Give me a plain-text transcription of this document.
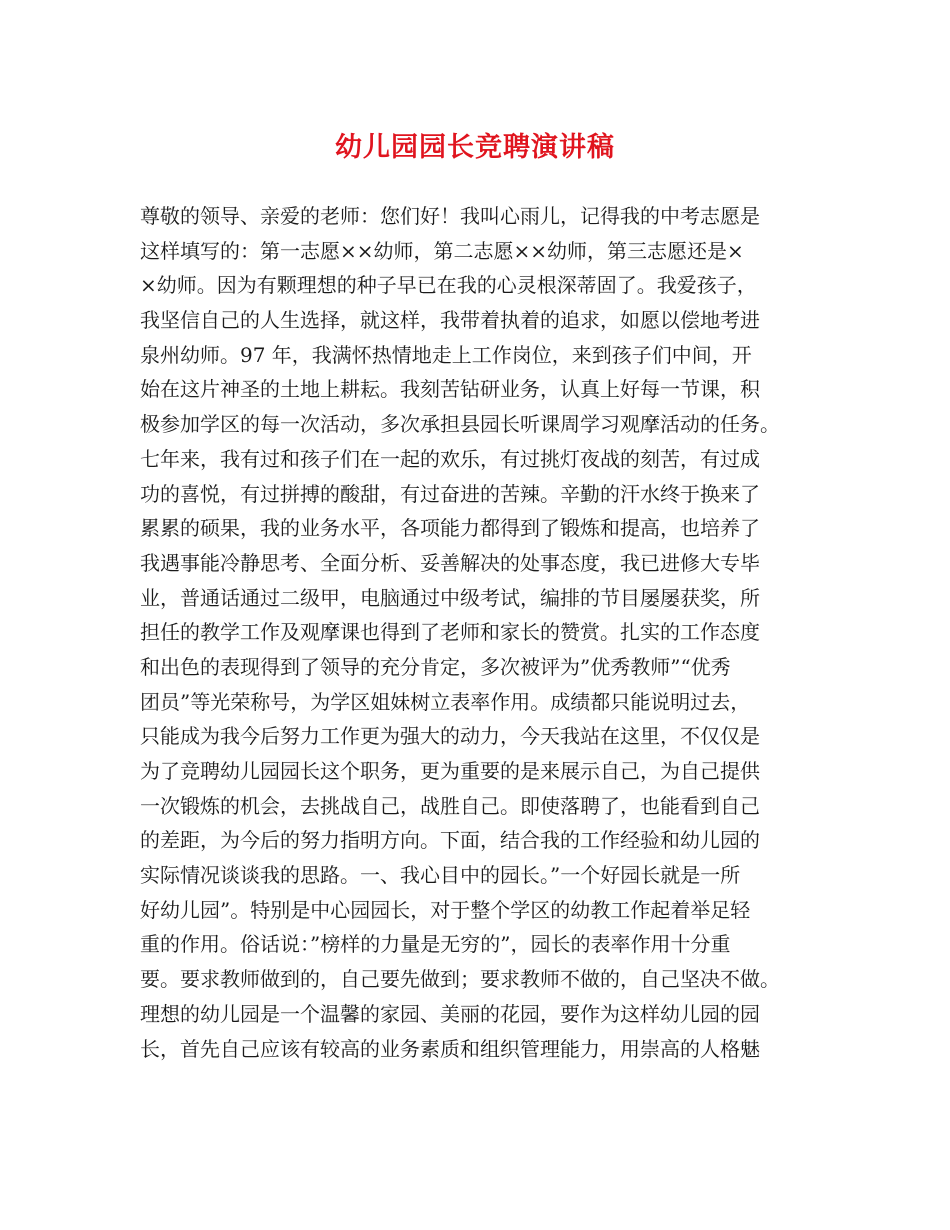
幼儿园园长竞聘演讲稿
尊敬的领导、亲爱的老师：您们好！我叫心雨儿，记得我的中考志愿是
这样填写的：第一志愿××幼师，第二志愿××幼师，第三志愿还是×
×幼师。因为有颗理想的种子早已在我的心灵根深蒂固了。我爱孩子，
我坚信自己的人生选择，就这样，我带着执着的追求，如愿以偿地考进
泉州幼师。97 年，我满怀热情地走上工作岗位，来到孩子们中间，开
始在这片神圣的土地上耕耘。我刻苦钻研业务，认真上好每一节课，积
极参加学区的每一次活动，多次承担县园长听课周学习观摩活动的任务。
七年来，我有过和孩子们在一起的欢乐，有过挑灯夜战的刻苦，有过成
功的喜悦，有过拼搏的酸甜，有过奋进的苦辣。辛勤的汗水终于换来了
累累的硕果，我的业务水平，各项能力都得到了锻炼和提高，也培养了
我遇事能冷静思考、全面分析、妥善解决的处事态度，我已进修大专毕
业，普通话通过二级甲，电脑通过中级考试，编排的节目屡屡获奖，所
担任的教学工作及观摩课也得到了老师和家长的赞赏。扎实的工作态度
和出色的表现得到了领导的充分肯定，多次被评为”优秀教师”“优秀
团员”等光荣称号，为学区姐妹树立表率作用。成绩都只能说明过去，
只能成为我今后努力工作更为强大的动力，今天我站在这里，不仅仅是
为了竞聘幼儿园园长这个职务，更为重要的是来展示自己，为自己提供
一次锻炼的机会，去挑战自己，战胜自己。即使落聘了，也能看到自己
的差距，为今后的努力指明方向。下面，结合我的工作经验和幼儿园的
实际情况谈谈我的思路。一、我心目中的园长。”一个好园长就是一所
好幼儿园”。特别是中心园园长，对于整个学区的幼教工作起着举足轻
重的作用。俗话说：”榜样的力量是无穷的”，园长的表率作用十分重
要。要求教师做到的，自己要先做到；要求教师不做的，自己坚决不做。
理想的幼儿园是一个温馨的家园、美丽的花园，要作为这样幼儿园的园
长，首先自己应该有较高的业务素质和组织管理能力，用崇高的人格魅
